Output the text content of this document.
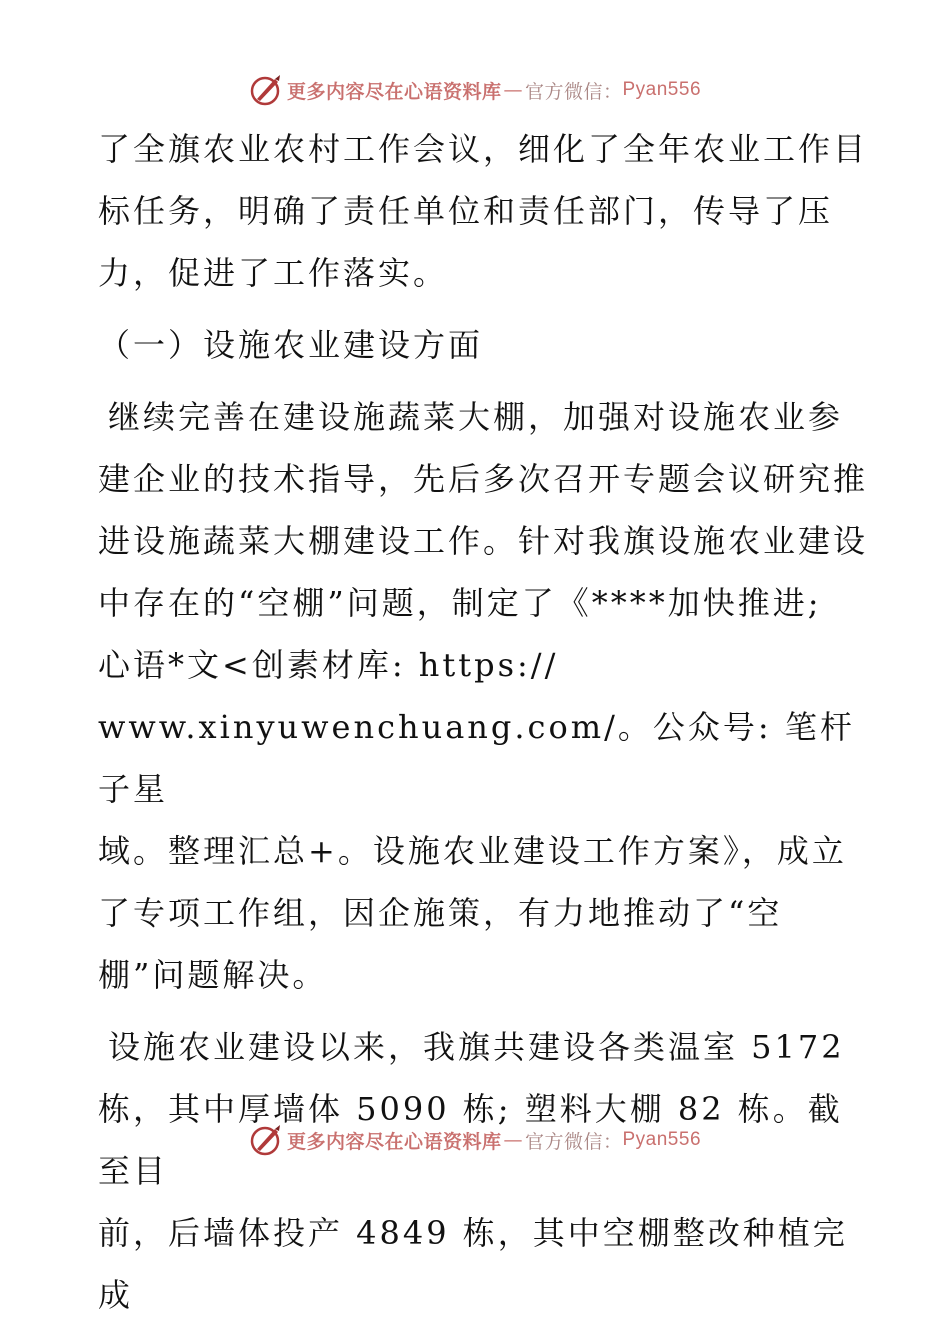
更多内容尽在心语资料库 — 官方微信： Pyan556

了全旗农业农村工作会议，细化了全年农业工作目

标任务，明确了责任单位和责任部门，传导了压

力，促进了工作落实。

（一）设施农业建设方面

继续完善在建设施蔬菜大棚，加强对设施农业参

建企业的技术指导，先后多次召开专题会议研究推

进设施蔬菜大棚建设工作。针对我旗设施农业建设

中存在的“空棚”问题，制定了《****加快推进;

心语*文<创素材库: https://

www.xinyuwenchuang.com/。公众号: 笔杆子星

域。整理汇总+。设施农业建设工作方案》，成立

了专项工作组，因企施策，有力地推动了“空

棚”问题解决。

设施农业建设以来，我旗共建设各类温室 5172

栋，其中厚墙体 5090 栋; 塑料大棚 82 栋。截至目

前，后墙体投产 4849 栋，其中空棚整改种植完成

更多内容尽在心语资料库 — 官方微信： Pyan556
